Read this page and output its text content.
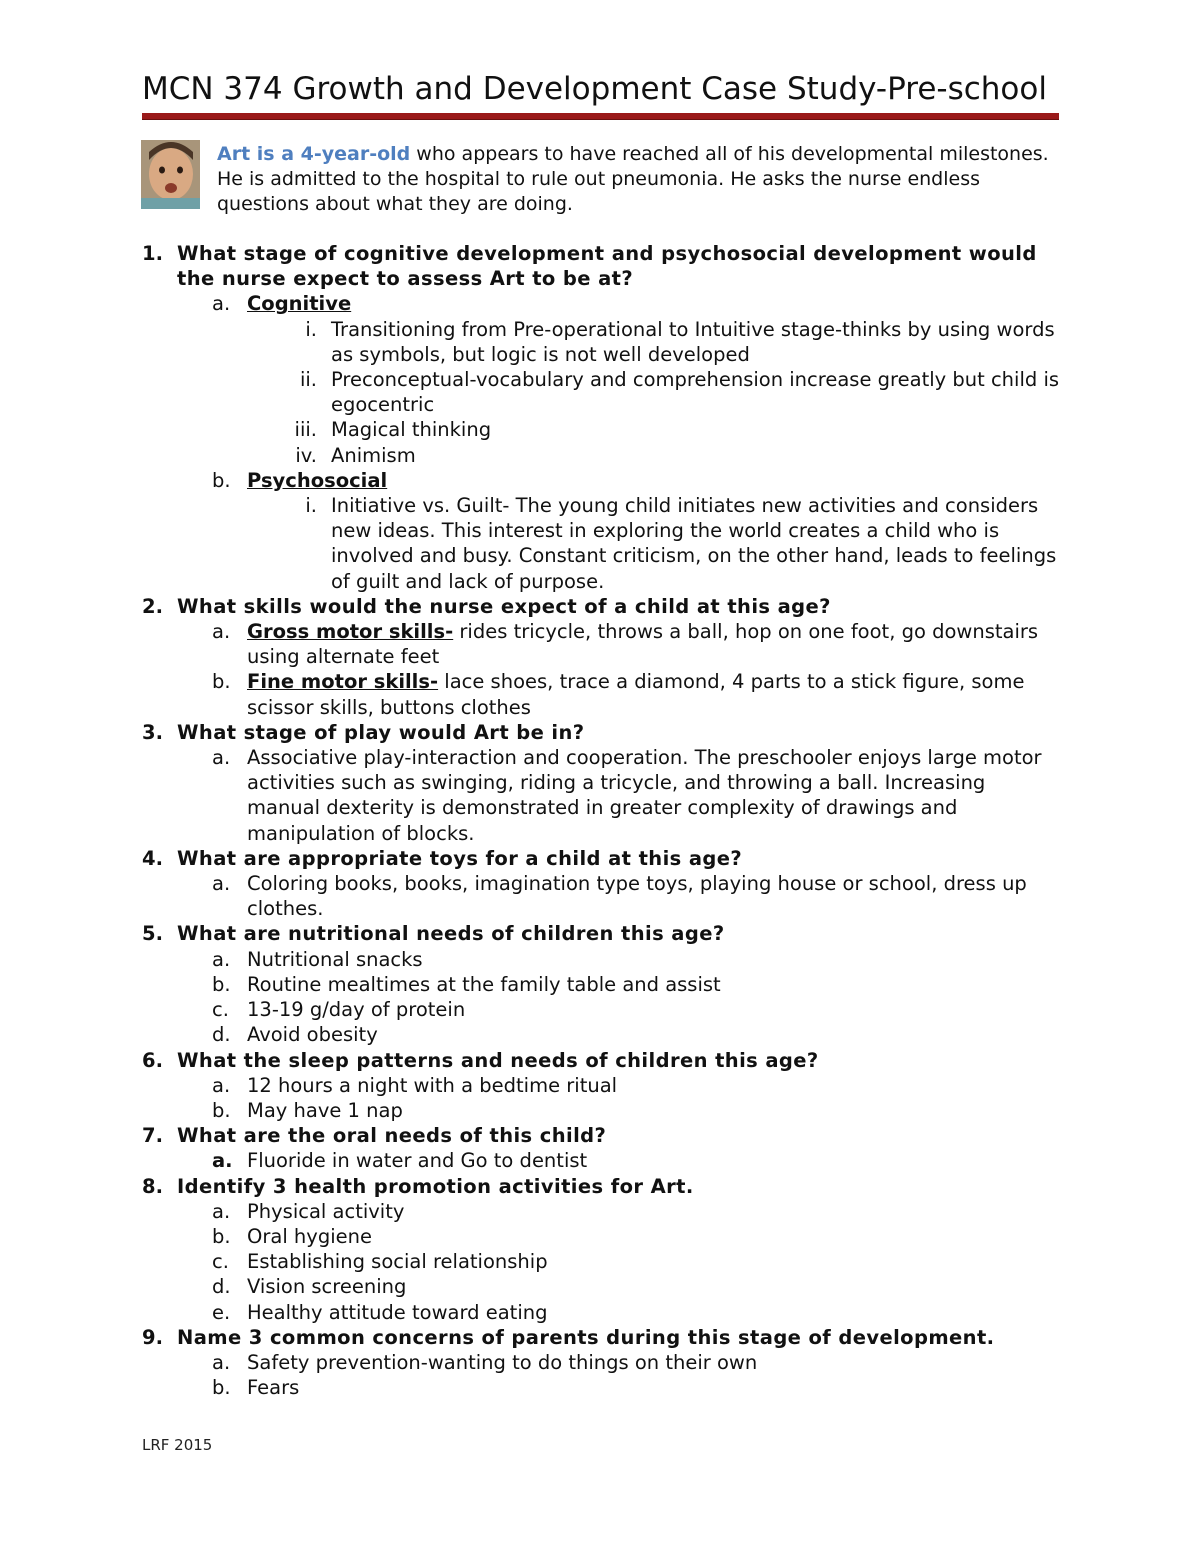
MCN 374 Growth and Development Case Study-Pre-school
Art is a 4-year-old who appears to have reached all of his developmental milestones. He is admitted to the hospital to rule out pneumonia. He asks the nurse endless questions about what they are doing.
1. What stage of cognitive development and psychosocial development would the nurse expect to assess Art to be at?
a. Cognitive
i. Transitioning from Pre-operational to Intuitive stage-thinks by using words as symbols, but logic is not well developed
ii. Preconceptual-vocabulary and comprehension increase greatly but child is egocentric
iii. Magical thinking
iv. Animism
b. Psychosocial
i. Initiative vs. Guilt- The young child initiates new activities and considers new ideas. This interest in exploring the world creates a child who is involved and busy. Constant criticism, on the other hand, leads to feelings of guilt and lack of purpose.
2. What skills would the nurse expect of a child at this age?
a. Gross motor skills- rides tricycle, throws a ball, hop on one foot, go downstairs using alternate feet
b. Fine motor skills- lace shoes, trace a diamond, 4 parts to a stick figure, some scissor skills, buttons clothes
3. What stage of play would Art be in?
a. Associative play-interaction and cooperation. The preschooler enjoys large motor activities such as swinging, riding a tricycle, and throwing a ball. Increasing manual dexterity is demonstrated in greater complexity of drawings and manipulation of blocks.
4. What are appropriate toys for a child at this age?
a. Coloring books, books, imagination type toys, playing house or school, dress up clothes.
5. What are nutritional needs of children this age?
a. Nutritional snacks
b. Routine mealtimes at the family table and assist
c. 13-19 g/day of protein
d. Avoid obesity
6. What the sleep patterns and needs of children this age?
a. 12 hours a night with a bedtime ritual
b. May have 1 nap
7. What are the oral needs of this child?
a. Fluoride in water and Go to dentist
8. Identify 3 health promotion activities for Art.
a. Physical activity
b. Oral hygiene
c. Establishing social relationship
d. Vision screening
e. Healthy attitude toward eating
9. Name 3 common concerns of parents during this stage of development.
a. Safety prevention-wanting to do things on their own
b. Fears
LRF 2015
